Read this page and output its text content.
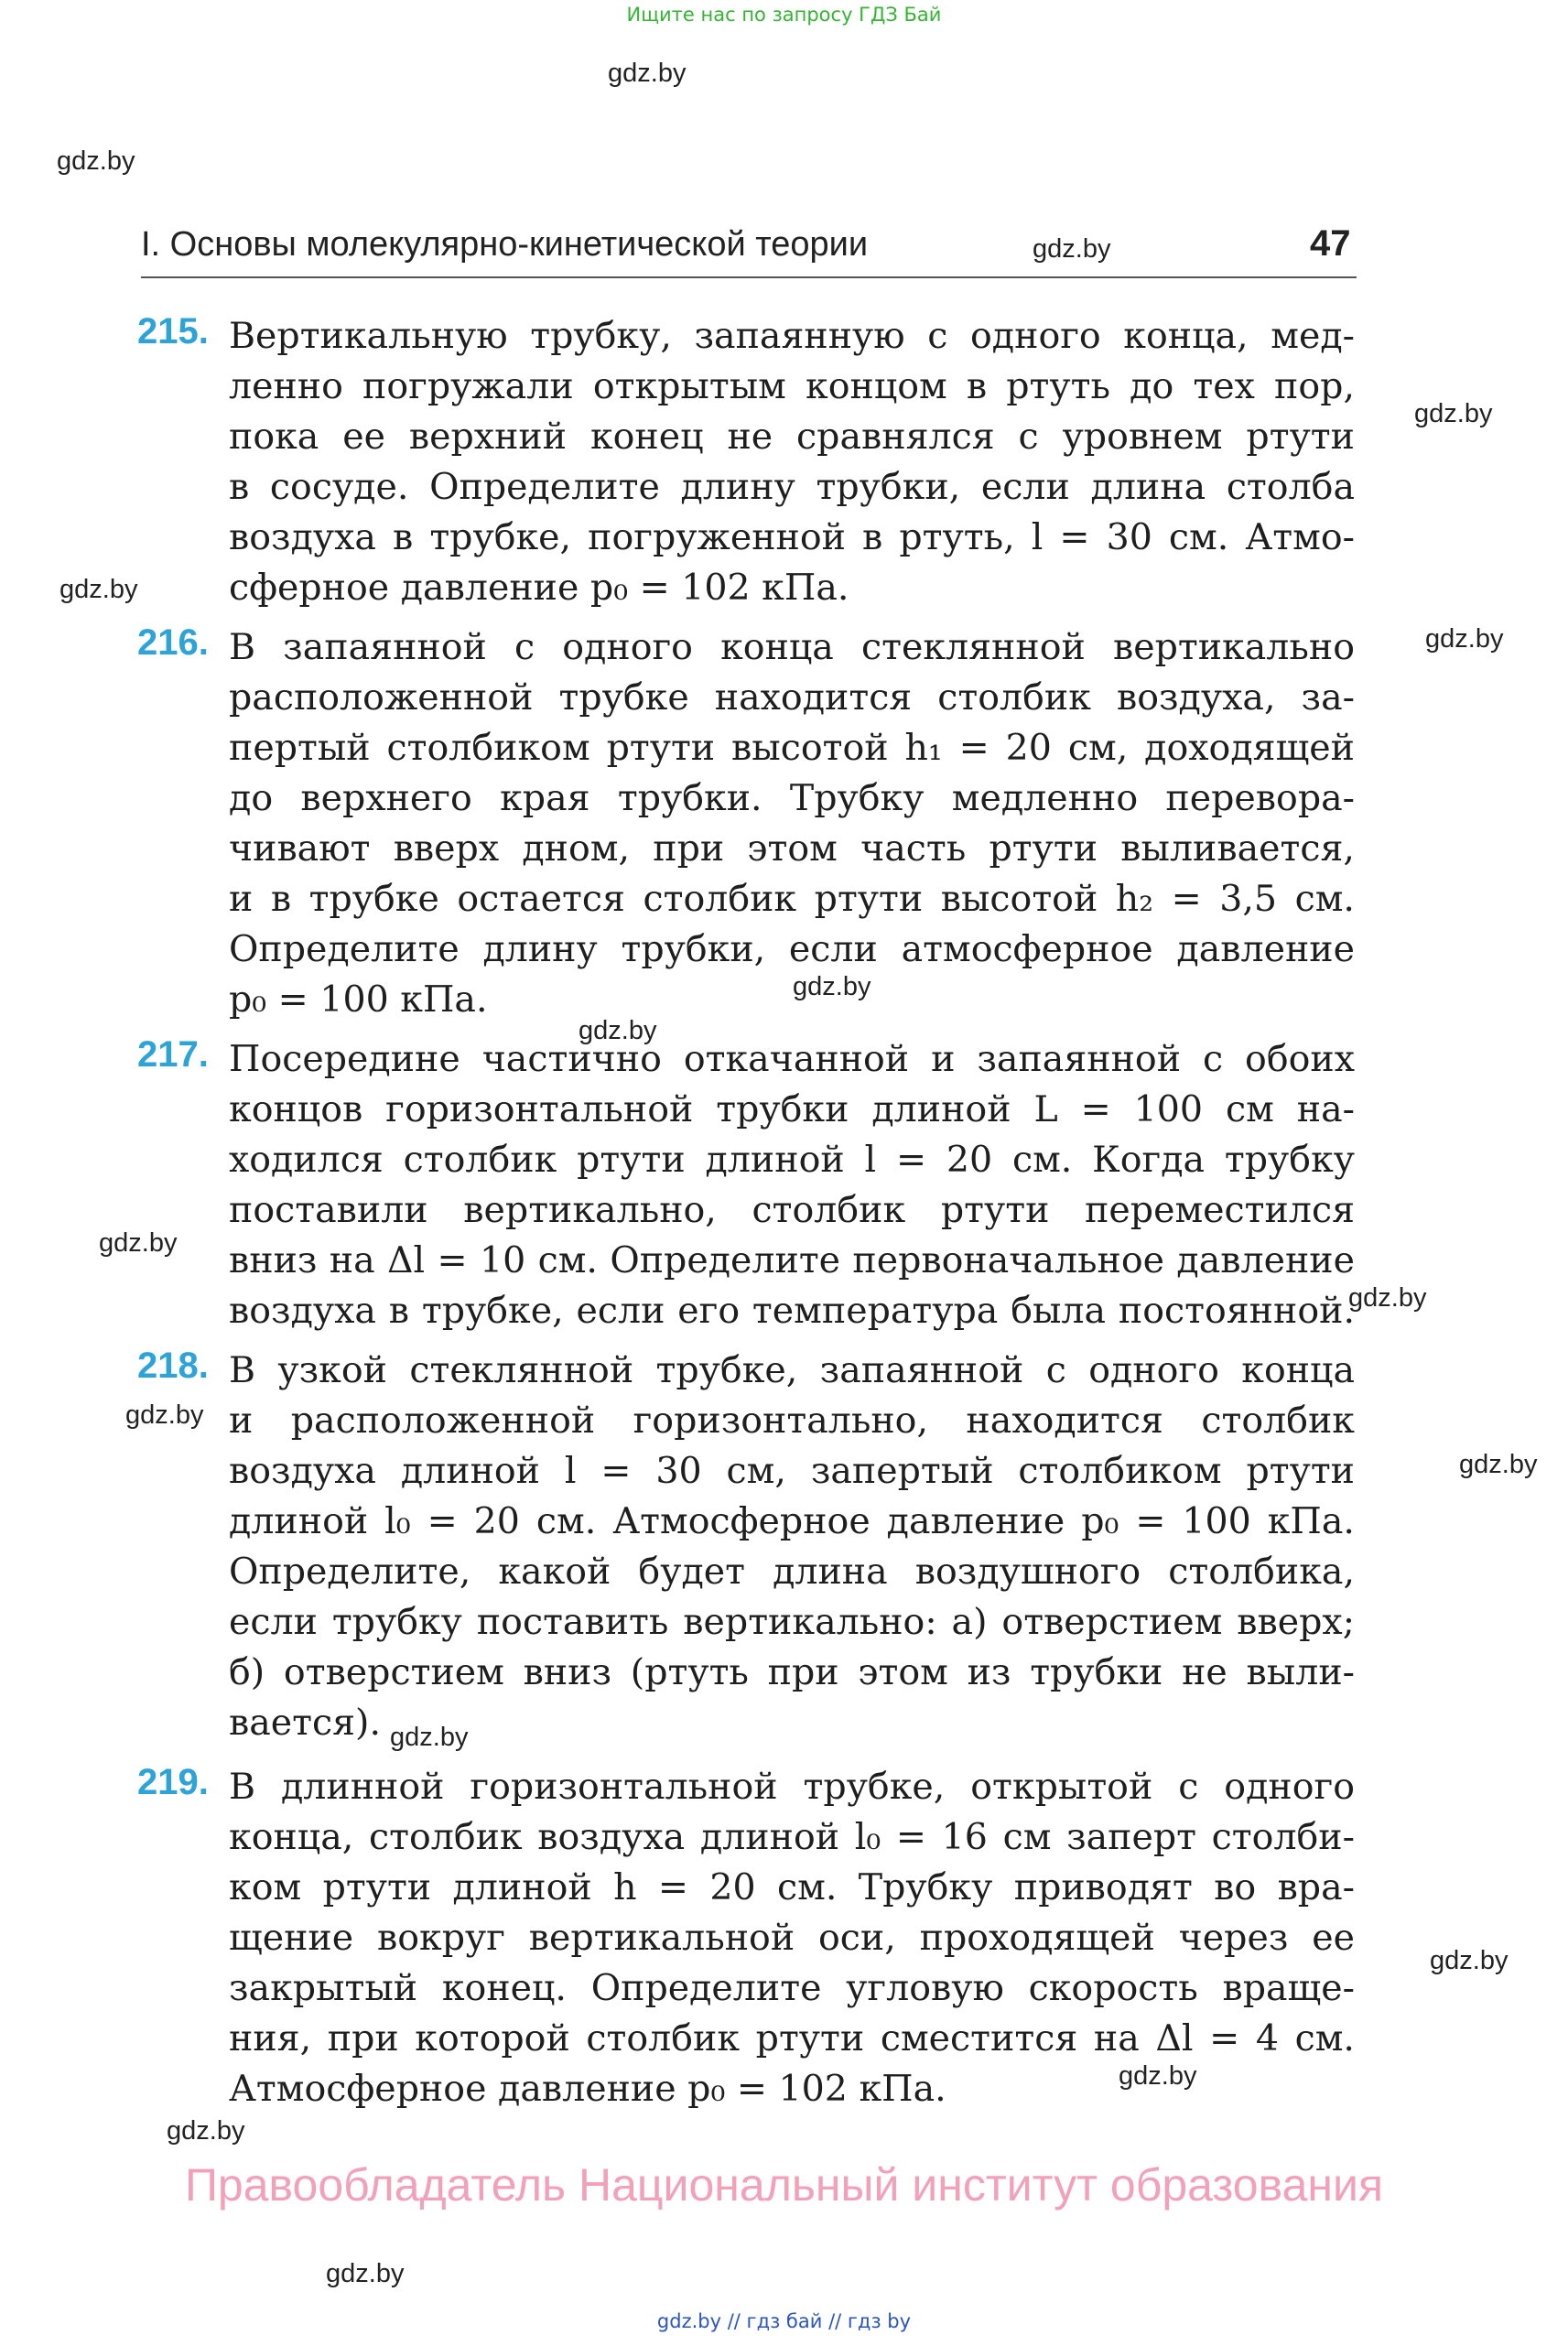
Ищите нас по запросу ГДЗ Бай
gdz.by
gdz.by
gdz.by
gdz.by
gdz.by
gdz.by
gdz.by
gdz.by
gdz.by
gdz.by
gdz.by
gdz.by
gdz.by
gdz.by
gdz.by
gdz.by
gdz.by
I. Основы молекулярно-кинетической теории	47
215. Вертикальную трубку, запаянную с одного конца, мед-
ленно погружали открытым концом в ртуть до тех пор,
пока ее верхний конец не сравнялся с уровнем ртути
в сосуде. Определите длину трубки, если длина столба
воздуха в трубке, погруженной в ртуть, l = 30 см. Атмо-
сферное давление p₀ = 102 кПа.
216. В запаянной с одного конца стеклянной вертикально
расположенной трубке находится столбик воздуха, за-
пертый столбиком ртути высотой h₁ = 20 см, доходящей
до верхнего края трубки. Трубку медленно перевора-
чивают вверх дном, при этом часть ртути выливается,
и в трубке остается столбик ртути высотой h₂ = 3,5 см.
Определите длину трубки, если атмосферное давление
p₀ = 100 кПа.
217. Посередине частично откачанной и запаянной с обоих
концов горизонтальной трубки длиной L = 100 см на-
ходился столбик ртути длиной l = 20 см. Когда трубку
поставили вертикально, столбик ртути переместился
вниз на Δl = 10 см. Определите первоначальное давление
воздуха в трубке, если его температура была постоянной.
218. В узкой стеклянной трубке, запаянной с одного конца
и расположенной горизонтально, находится столбик
воздуха длиной l = 30 см, запертый столбиком ртути
длиной l₀ = 20 см. Атмосферное давление p₀ = 100 кПа.
Определите, какой будет длина воздушного столбика,
если трубку поставить вертикально: а) отверстием вверх;
б) отверстием вниз (ртуть при этом из трубки не выли-
вается).
219. В длинной горизонтальной трубке, открытой с одного
конца, столбик воздуха длиной l₀ = 16 см заперт столби-
ком ртути длиной h = 20 см. Трубку приводят во вра-
щение вокруг вертикальной оси, проходящей через ее
закрытый конец. Определите угловую скорость враще-
ния, при которой столбик ртути сместится на Δl = 4 см.
Атмосферное давление p₀ = 102 кПа.
Правообладатель Национальный институт образования
gdz.by // гдз бай // гдз by
